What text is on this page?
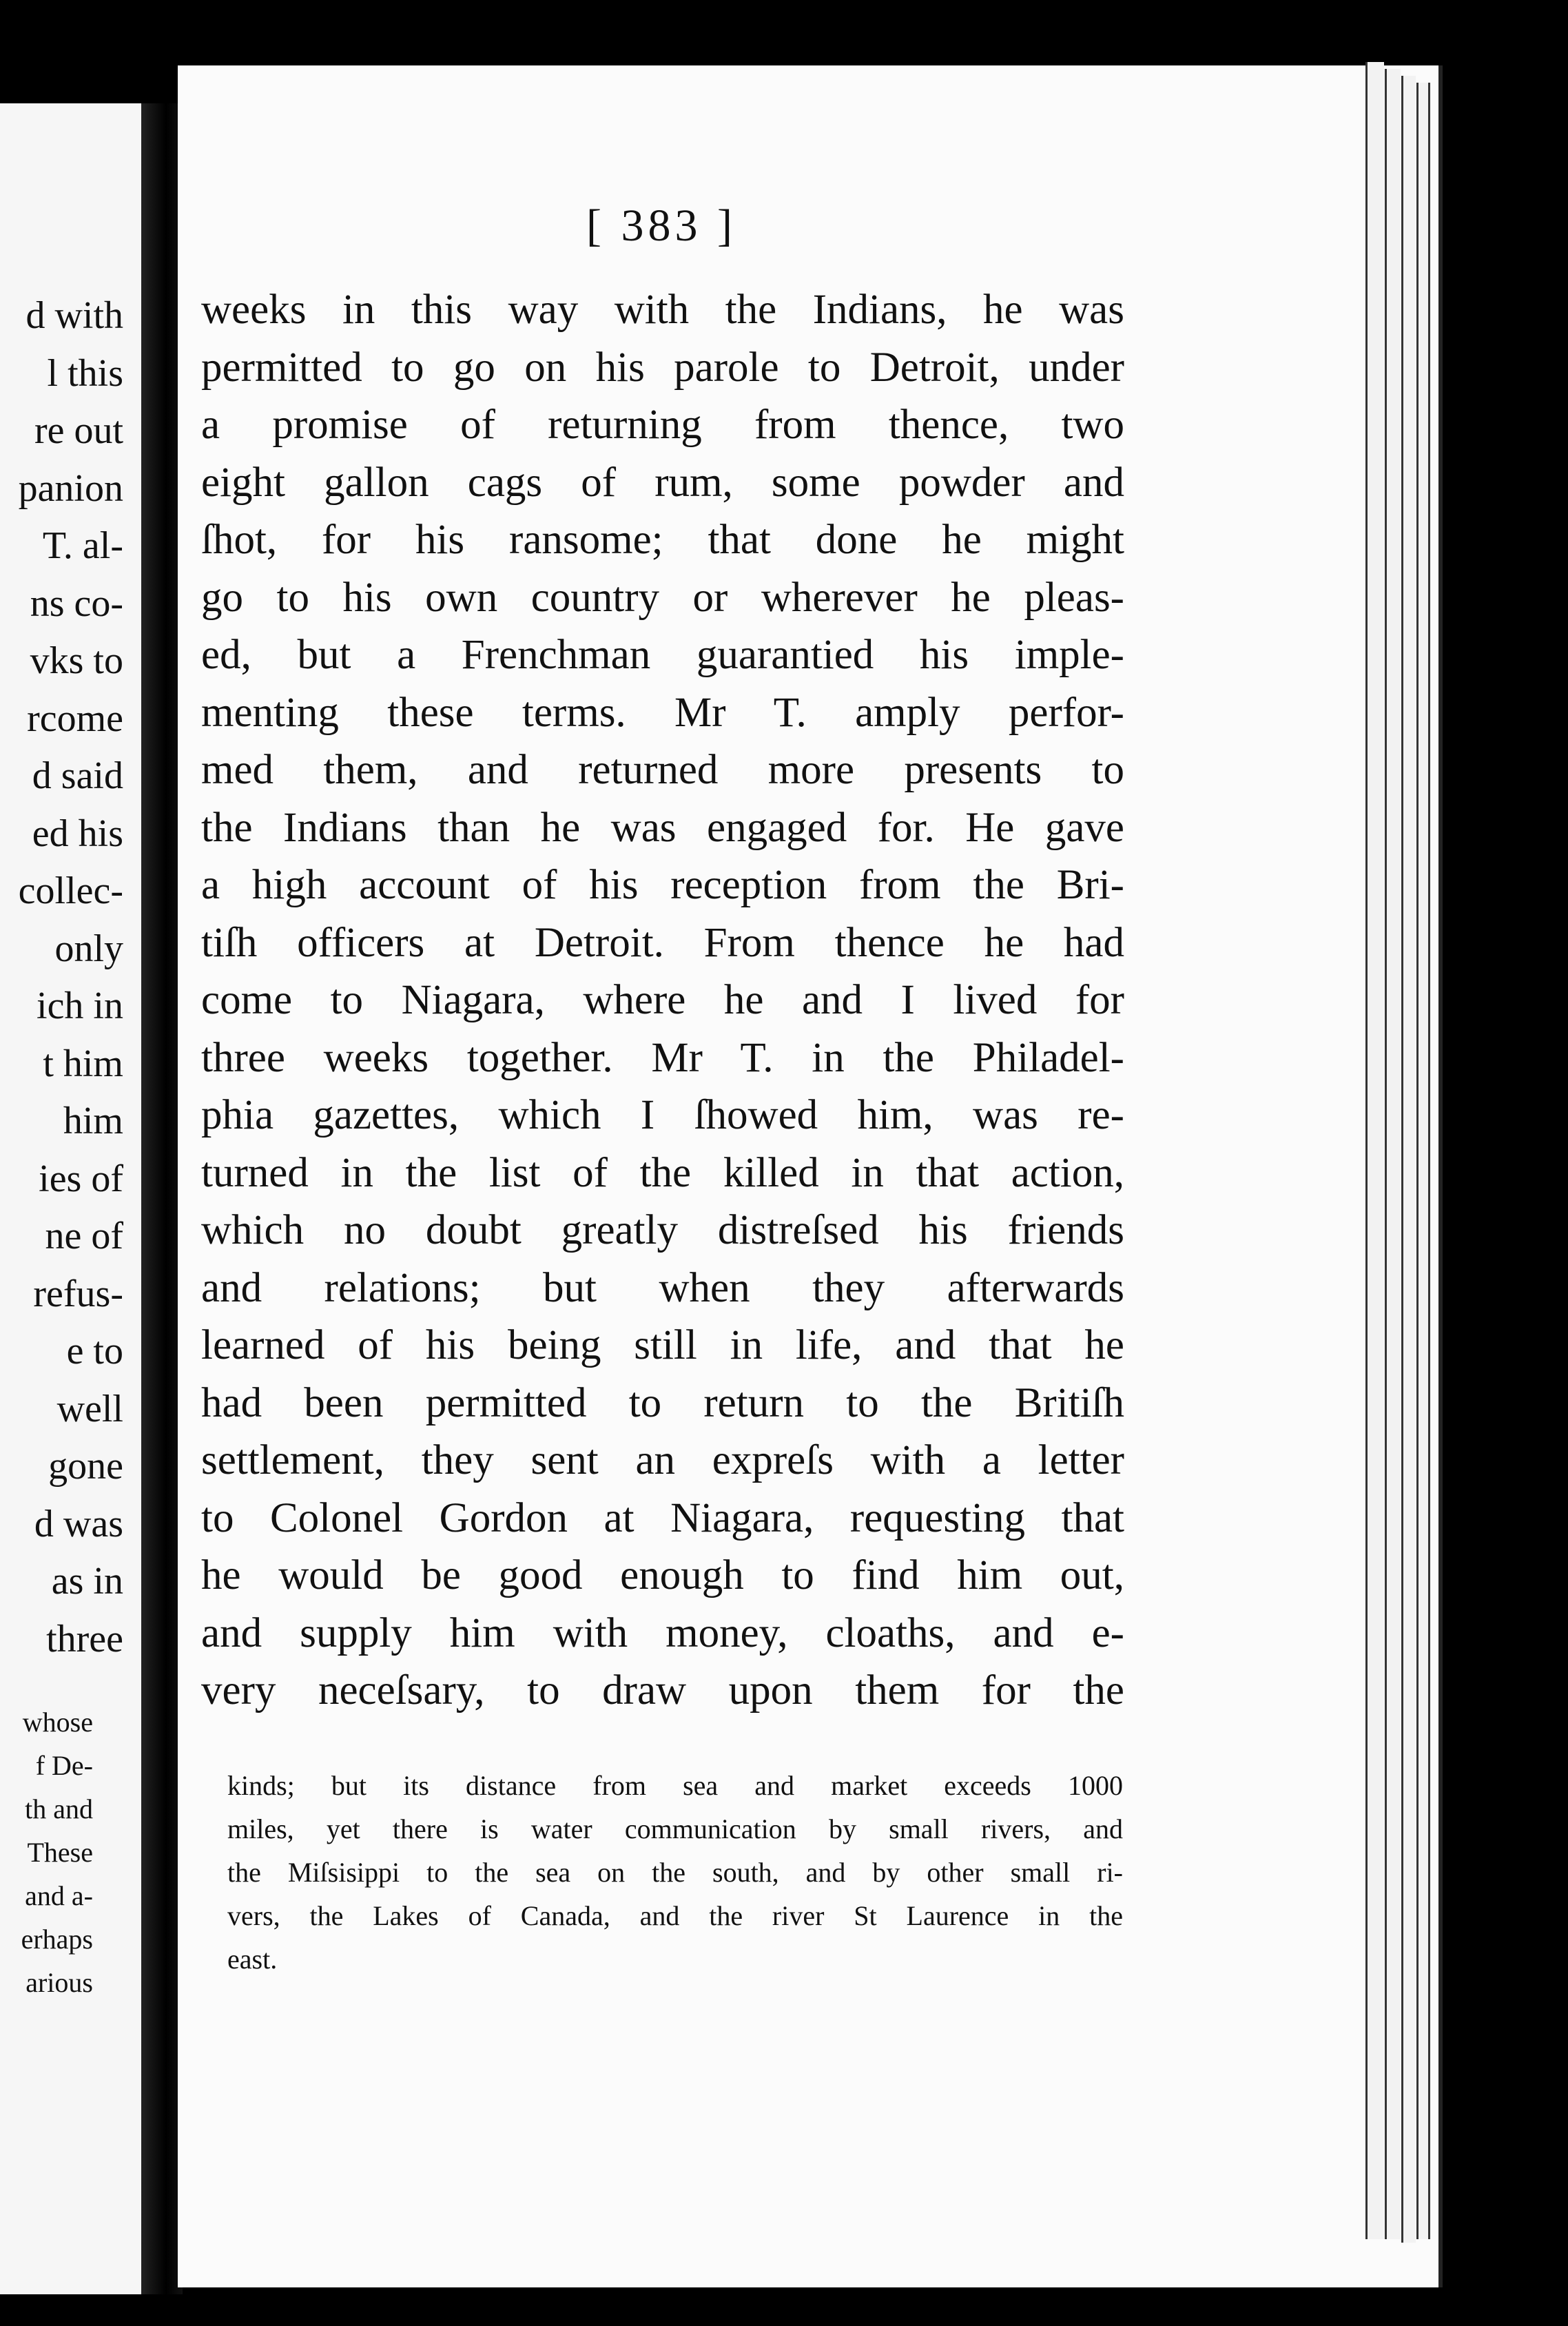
d with
l this
re out
panion
T. al-
ns co-
vks to
rcome
d said
ed his
collec-
only
ich in
t him
him
ies of
ne of
refus-
e to
well
gone
d was
as in
three
whose
f De-
th and
These
and a-
erhaps
arious
[ 383 ]
weeks in this way with the Indians, he was
permitted to go on his parole to Detroit, under
a promise of returning from thence, two
eight gallon cags of rum, some powder and
ſhot, for his ransome; that done he might
go to his own country or wherever he pleas-
ed, but a Frenchman guarantied his imple-
menting these terms. Mr T. amply perfor-
med them, and returned more presents to
the Indians than he was engaged for. He gave
a high account of his reception from the Bri-
tiſh officers at Detroit. From thence he had
come to Niagara, where he and I lived for
three weeks together. Mr T. in the Philadel-
phia gazettes, which I ſhowed him, was re-
turned in the list of the killed in that action,
which no doubt greatly distreſsed his friends
and relations; but when they afterwards
learned of his being still in life, and that he
had been permitted to return to the Britiſh
settlement, they sent an expreſs with a letter
to Colonel Gordon at Niagara, requesting that
he would be good enough to find him out,
and supply him with money, cloaths, and e-
very neceſsary, to draw upon them for the
kinds; but its distance from sea and market exceeds 1000
miles, yet there is water communication by small rivers, and
the Miſsisippi to the sea on the south, and by other small ri-
vers, the Lakes of Canada, and the river St Laurence in the
east.
